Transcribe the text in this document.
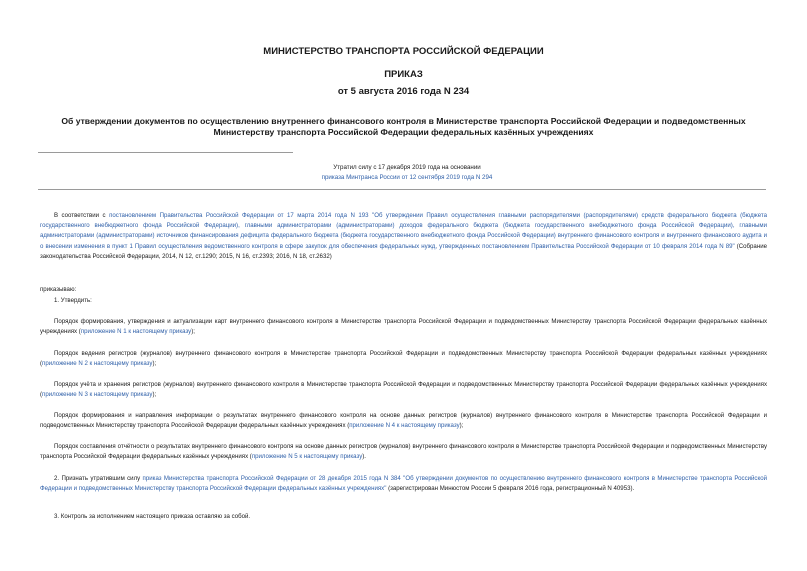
МИНИСТЕРСТВО ТРАНСПОРТА РОССИЙСКОЙ ФЕДЕРАЦИИ
ПРИКАЗ
от 5 августа 2016 года N 234
Об утверждении документов по осуществлению внутреннего финансового контроля в Министерстве транспорта Российской Федерации и подведомственных Министерству транспорта Российской Федерации федеральных казённых учреждениях
Утратил силу с 17 декабря 2019 года на основании
приказа Минтранса России от 12 сентября 2019 года N 294
В соответствии с постановлением Правительства Российской Федерации от 17 марта 2014 года N 193 "Об утверждении Правил осуществления главными распорядителями (распорядителями) средств федерального бюджета (бюджета государственного внебюджетного фонда Российской Федерации), главными администраторами (администраторами) доходов федерального бюджета (бюджета государственного внебюджетного фонда Российской Федерации), главными администраторами (администраторами) источников финансирования дефицита федерального бюджета (бюджета государственного внебюджетного фонда Российской Федерации) внутреннего финансового контроля и внутреннего финансового аудита и о внесении изменения в пункт 1 Правил осуществления ведомственного контроля в сфере закупок для обеспечения федеральных нужд, утвержденных постановлением Правительства Российской Федерации от 10 февраля 2014 года N 89" (Собрание законодательства Российской Федерации, 2014, N 12, ст.1290; 2015, N 16, ст.2393; 2016, N 18, ст.2632)
приказываю:
1. Утвердить:
Порядок формирования, утверждения и актуализации карт внутреннего финансового контроля в Министерстве транспорта Российской Федерации и подведомственных Министерству транспорта Российской Федерации федеральных казённых учреждениях (приложение N 1 к настоящему приказу);
Порядок ведения регистров (журналов) внутреннего финансового контроля в Министерстве транспорта Российской Федерации и подведомственных Министерству транспорта Российской Федерации федеральных казённых учреждениях (приложение N 2 к настоящему приказу);
Порядок учёта и хранения регистров (журналов) внутреннего финансового контроля в Министерстве транспорта Российской Федерации и подведомственных Министерству транспорта Российской Федерации федеральных казённых учреждениях (приложение N 3 к настоящему приказу);
Порядок формирования и направления информации о результатах внутреннего финансового контроля на основе данных регистров (журналов) внутреннего финансового контроля в Министерстве транспорта Российской Федерации и подведомственных Министерству транспорта Российской Федерации федеральных казённых учреждениях (приложение N 4 к настоящему приказу);
Порядок составления отчётности о результатах внутреннего финансового контроля на основе данных регистров (журналов) внутреннего финансового контроля в Министерстве транспорта Российской Федерации и подведомственных Министерству транспорта Российской Федерации федеральных казённых учреждениях (приложение N 5 к настоящему приказу).
2. Признать утратившим силу приказ Министерства транспорта Российской Федерации от 28 декабря 2015 года N 384 "Об утверждении документов по осуществлению внутреннего финансового контроля в Министерстве транспорта Российской Федерации и подведомственных Министерству транспорта Российской Федерации федеральных казённых учреждениях" (зарегистрирован Минюстом России 5 февраля 2016 года, регистрационный N 40953).
3. Контроль за исполнением настоящего приказа оставляю за собой.
